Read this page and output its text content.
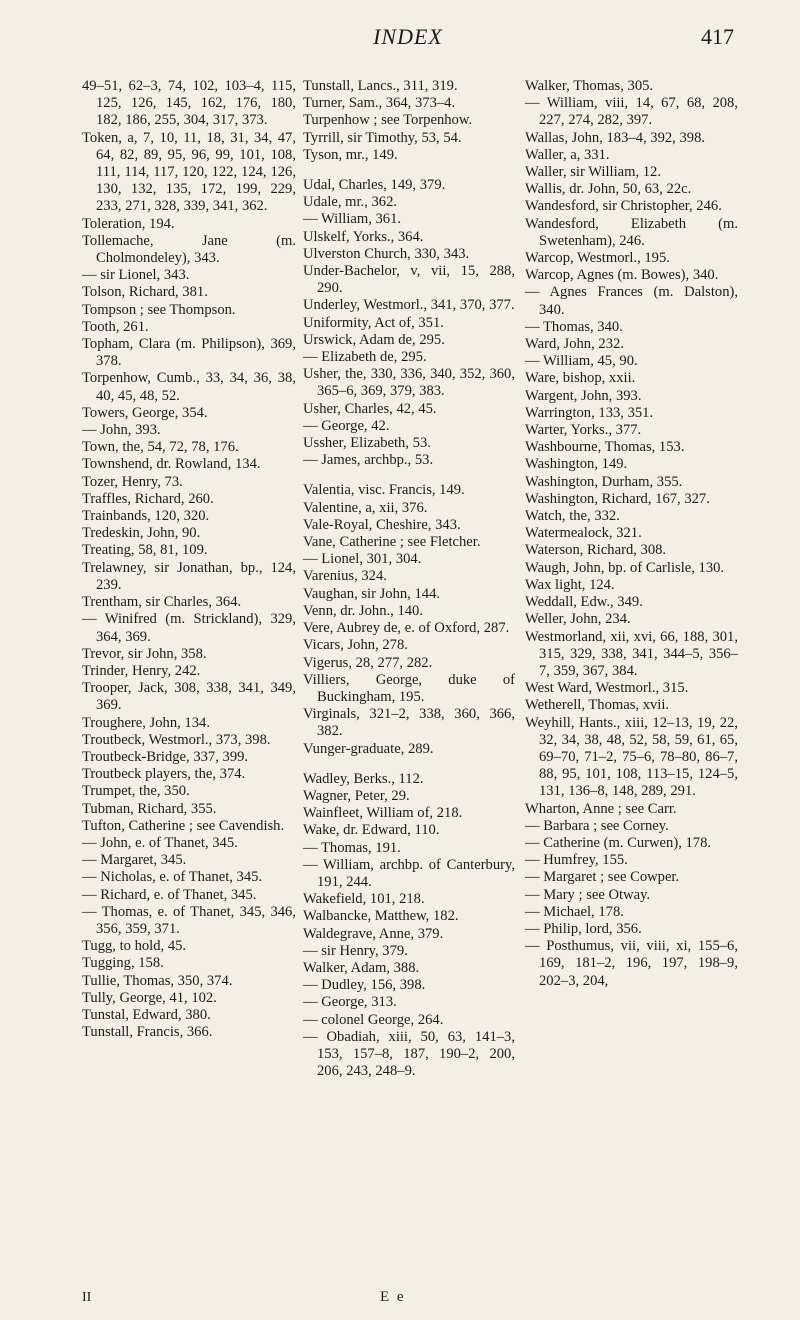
INDEX	417
49–51, 62–3, 74, 102, 103–4, 115, 125, 126, 145, 162, 176, 180, 182, 186, 255, 304, 317, 373.
Token, a, 7, 10, 11, 18, 31, 34, 47, 64, 82, 89, 95, 96, 99, 101, 108, 111, 114, 117, 120, 122, 124, 126, 130, 132, 135, 172, 199, 229, 233, 271, 328, 339, 341, 362.
Toleration, 194.
Tollemache, Jane (m. Cholmondeley), 343.
— sir Lionel, 343.
Tolson, Richard, 381.
Tompson ; see Thompson.
Tooth, 261.
Topham, Clara (m. Philipson), 369, 378.
Torpenhow, Cumb., 33, 34, 36, 38, 40, 45, 48, 52.
Towers, George, 354.
— John, 393.
Town, the, 54, 72, 78, 176.
Townshend, dr. Rowland, 134.
Tozer, Henry, 73.
Traffles, Richard, 260.
Trainbands, 120, 320.
Tredeskin, John, 90.
Treating, 58, 81, 109.
Trelawney, sir Jonathan, bp., 124, 239.
Trentham, sir Charles, 364.
— Winifred (m. Strickland), 329, 364, 369.
Trevor, sir John, 358.
Trinder, Henry, 242.
Trooper, Jack, 308, 338, 341, 349, 369.
Troughere, John, 134.
Troutbeck, Westmorl., 373, 398.
Troutbeck-Bridge, 337, 399.
Troutbeck players, the, 374.
Trumpet, the, 350.
Tubman, Richard, 355.
Tufton, Catherine ; see Cavendish.
— John, e. of Thanet, 345.
— Margaret, 345.
— Nicholas, e. of Thanet, 345.
— Richard, e. of Thanet, 345.
— Thomas, e. of Thanet, 345, 346, 356, 359, 371.
Tugg, to hold, 45.
Tugging, 158.
Tullie, Thomas, 350, 374.
Tully, George, 41, 102.
Tunstal, Edward, 380.
Tunstall, Francis, 366.
Tunstall, Lancs., 311, 319.
Turner, Sam., 364, 373–4.
Turpenhow ; see Torpenhow.
Tyrrill, sir Timothy, 53, 54.
Tyson, mr., 149.
Udal, Charles, 149, 379.
Udale, mr., 362.
— William, 361.
Ulskelf, Yorks., 364.
Ulverston Church, 330, 343.
Under-Bachelor, v, vii, 15, 288, 290.
Underley, Westmorl., 341, 370, 377.
Uniformity, Act of, 351.
Urswick, Adam de, 295.
— Elizabeth de, 295.
Usher, the, 330, 336, 340, 352, 360, 365–6, 369, 379, 383.
Usher, Charles, 42, 45.
— George, 42.
Ussher, Elizabeth, 53.
— James, archbp., 53.
Valentia, visc. Francis, 149.
Valentine, a, xii, 376.
Vale-Royal, Cheshire, 343.
Vane, Catherine ; see Fletcher.
— Lionel, 301, 304.
Varenius, 324.
Vaughan, sir John, 144.
Venn, dr. John., 140.
Vere, Aubrey de, e. of Oxford, 287.
Vicars, John, 278.
Vigerus, 28, 277, 282.
Villiers, George, duke of Buckingham, 195.
Virginals, 321–2, 338, 360, 366, 382.
Vunger-graduate, 289.
Wadley, Berks., 112.
Wagner, Peter, 29.
Wainfleet, William of, 218.
Wake, dr. Edward, 110.
— Thomas, 191.
— William, archbp. of Canterbury, 191, 244.
Wakefield, 101, 218.
Walbancke, Matthew, 182.
Waldegrave, Anne, 379.
— sir Henry, 379.
Walker, Adam, 388.
— Dudley, 156, 398.
— George, 313.
— colonel George, 264.
— Obadiah, xiii, 50, 63, 141–3, 153, 157–8, 187, 190–2, 200, 206, 243, 248–9.
Walker, Thomas, 305.
— William, viii, 14, 67, 68, 208, 227, 274, 282, 397.
Wallas, John, 183–4, 392, 398.
Waller, a, 331.
Waller, sir William, 12.
Wallis, dr. John, 50, 63, 22c.
Wandesford, sir Christopher, 246.
Wandesford, Elizabeth (m. Swetenham), 246.
Warcop, Westmorl., 195.
Warcop, Agnes (m. Bowes), 340.
— Agnes Frances (m. Dalston), 340.
— Thomas, 340.
Ward, John, 232.
— William, 45, 90.
Ware, bishop, xxii.
Wargent, John, 393.
Warrington, 133, 351.
Warter, Yorks., 377.
Washbourne, Thomas, 153.
Washington, 149.
Washington, Durham, 355.
Washington, Richard, 167, 327.
Watch, the, 332.
Watermealock, 321.
Waterson, Richard, 308.
Waugh, John, bp. of Carlisle, 130.
Wax light, 124.
Weddall, Edw., 349.
Weller, John, 234.
Westmorland, xii, xvi, 66, 188, 301, 315, 329, 338, 341, 344–5, 356–7, 359, 367, 384.
West Ward, Westmorl., 315.
Wetherell, Thomas, xvii.
Weyhill, Hants., xiii, 12–13, 19, 22, 32, 34, 38, 48, 52, 58, 59, 61, 65, 69–70, 71–2, 75–6, 78–80, 86–7, 88, 95, 101, 108, 113–15, 124–5, 131, 136–8, 148, 289, 291.
Wharton, Anne ; see Carr.
— Barbara ; see Corney.
— Catherine (m. Curwen), 178.
— Humfrey, 155.
— Margaret ; see Cowper.
— Mary ; see Otway.
— Michael, 178.
— Philip, lord, 356.
— Posthumus, vii, viii, xi, 155–6, 169, 181–2, 196, 197, 198–9, 202–3, 204,
II	E e
